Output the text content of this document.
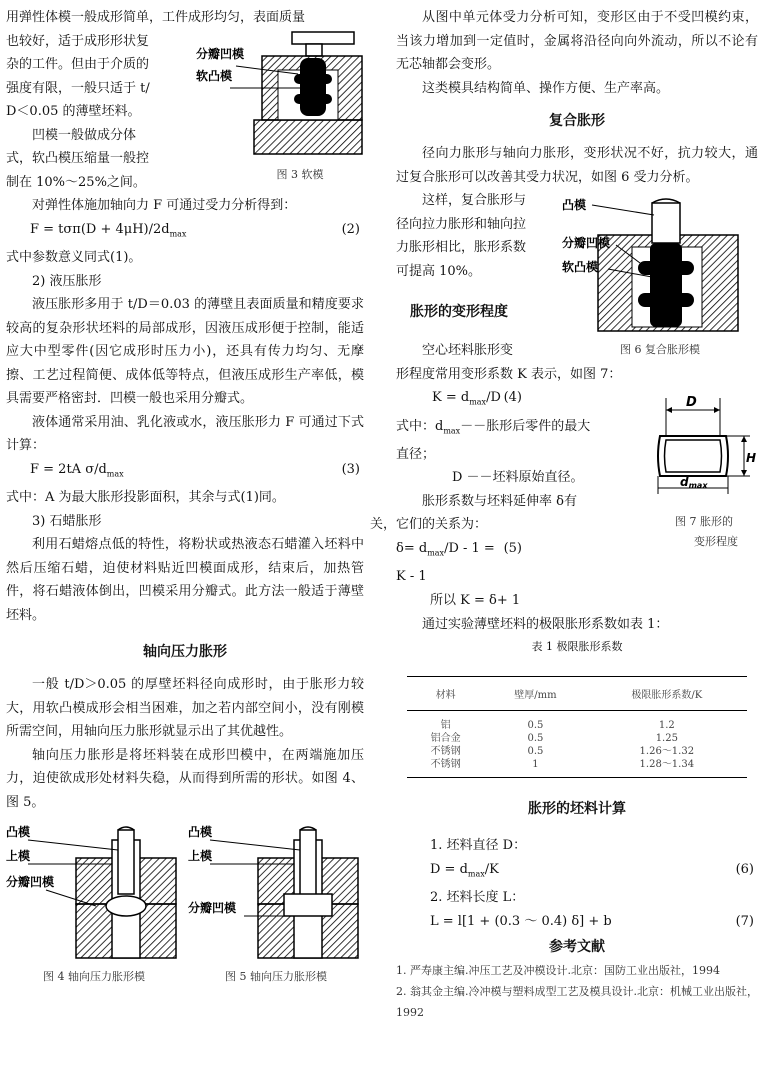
用弹性体模一般成形简单，工件成形均匀，表面质量

分瓣凹模
软凸模
图 3 软模

也较好，适于成形形状复
杂的工件。但由于介质的
强度有限，一般只适于 t/
D＜0.05 的薄壁坯料。

凹模一般做成分体
式，软凸模压缩量一般控
制在 10%～25%之间。

对弹性体施加轴向力 F 可通过受力分析得到：

$F = t\sigma\pi(D + 4\mu H)/2d_{max}$	(2)

式中参数意义同式(1)。

2) 液压胀形

液压胀形多用于 t/D＝0.03 的薄壁且表面质量和精度要求较高的复杂形状坯料的局部成形，因液压成形便于控制，能适应大中型零件(因它成形时压力小)，还具有传力均匀、无摩擦、工艺过程简便、成体低等特点，但液压成形生产率低，模具需要严格密封．凹模一般也采用分瓣式。

液体通常采用油、乳化液或水，液压胀形力 F 可通过下式计算：

F = 2tA $\sigma/d_{max}$	(3)

式中：A 为最大胀形投影面积，其余与式(1)同。

3) 石蜡胀形

利用石蜡熔点低的特性，将粉状或热液态石蜡灌入坯料中然后压缩石蜡，迫使材料贴近凹模面成形，结束后，加热管件，将石蜡液体倒出，凹模采用分瓣式。此方法一般适于薄壁坯料。

轴向压力胀形

一般 t/D＞0.05 的厚壁坯料径向成形时，由于胀形力较大，用软凸模成形会相当困难，加之若内部空间小，没有刚模所需空间，用轴向压力胀形就显示出了其优越性。

轴向压力胀形是将坯料装在成形凹模中，在两端施加压力，迫使欲成形处材料失稳，从而得到所需的形状。如图 4、图 5。

凸模
上模
分瓣凹模
图 4 轴向压力胀形模
凸模
上模
分瓣凹模
图 5 轴向压力胀形模

从图中单元体受力分析可知，变形区由于不受凹模约束，当该力增加到一定值时，金属将沿径向向外流动，所以不论有无芯轴都会变形。

这类模具结构简单、操作方便、生产率高。

复合胀形

径向力胀形与轴向力胀形，变形状况不好，抗力较大，通过复合胀形可以改善其受力状况，如图 6 受力分析。

凸模
分瓣凹模
软凸模
图 6 复合胀形模

这样，复合胀形与
径向拉力胀形和轴向拉
力胀形相比，胀形系数
可提高 10%。

胀形的变形程度

空心坯料胀形变
形程度常用变形系数 K 表示，如图 7：

D
H
dmax
图 7 胀形的
变形程度
$K = d_{max}/D$ (4)

式中：$d_{max}--$胀形后零件的最大
直径；

D －－坯料原始直径。

胀形系数与坯料延伸率 δ有
关，它们的关系为：

$\delta= d_{max}/D - 1 = K - 1$
(5)

所以 K = δ+ 1

通过实验薄壁坯料的极限胀形系数如表 1：

表 1 极限胀形系数
材料	壁厚/mm	极限胀形系数/K
铝	0.5	1.2
铝合金	0.5	1.25
不锈钢	0.5	1.26～1.32
不锈钢	1	1.28～1.34
胀形的坯料计算

1. 坯料直径 D：

$D = d_{max}/K$	(6)

2. 坯料长度 L：

L = l[1 + (0.3 ～ 0.4) δ] + b	(7)
参考文献
1. 严寿康主编.冲压工艺及冲模设计.北京：国防工业出版社，1994
2. 翁其金主编.冷冲模与塑料成型工艺及模具设计.北京：机械工业出版社，1992
